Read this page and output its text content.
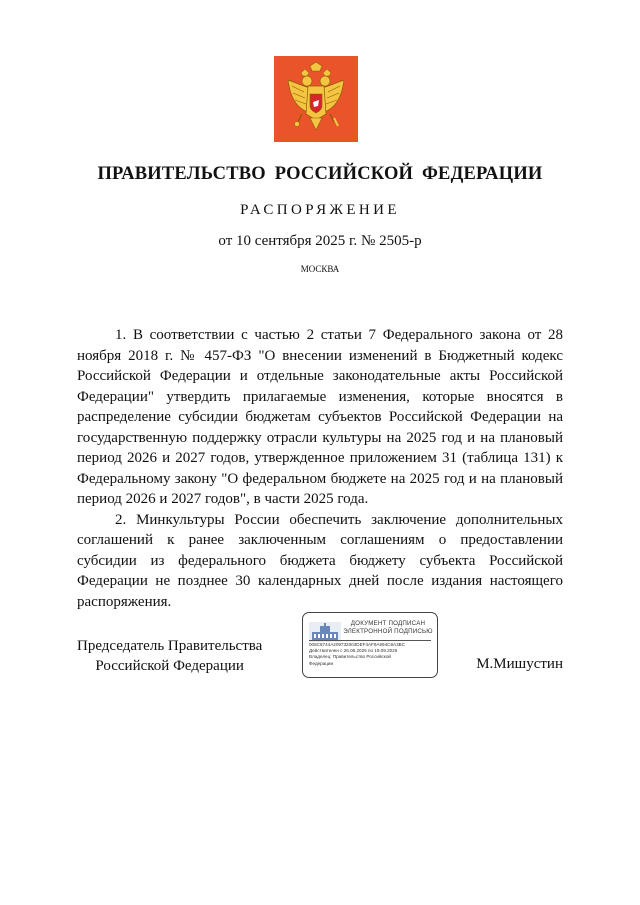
ПРАВИТЕЛЬСТВО РОССИЙСКОЙ ФЕДЕРАЦИИ
РАСПОРЯЖЕНИЕ
от 10 сентября 2025 г. № 2505-р
МОСКВА

1. В соответствии с частью 2 статьи 7 Федерального закона от 28 ноября 2018 г. № 457-ФЗ "О внесении изменений в Бюджетный кодекс Российской Федерации и отдельные законодательные акты Российской Федерации" утвердить прилагаемые изменения, которые вносятся в распределение субсидии бюджетам субъектов Российской Федерации на государственную поддержку отрасли культуры на 2025 год и на плановый период 2026 и 2027 годов, утвержденное приложением 31 (таблица 131) к Федеральному закону "О федеральном бюджете на 2025 год и на плановый период 2026 и 2027 годов", в части 2025 года.

2. Минкультуры России обеспечить заключение дополнительных соглашений к ранее заключенным соглашениям о предоставлении субсидии из федерального бюджета бюджету субъекта Российской Федерации не позднее 30 календарных дней после издания настоящего распоряжения.

Председатель Правительства
Российской Федерации
ДОКУМЕНТ ПОДПИСАН
ЭЛЕКТРОННОЙ ПОДПИСЬЮ
008C8744A209732003DEF4AF9A694C8A3BC
Действителен с 26.06.2025 по 19.09.2026
Владелец: Правительство Российской
Федерации	М.Мишустин
